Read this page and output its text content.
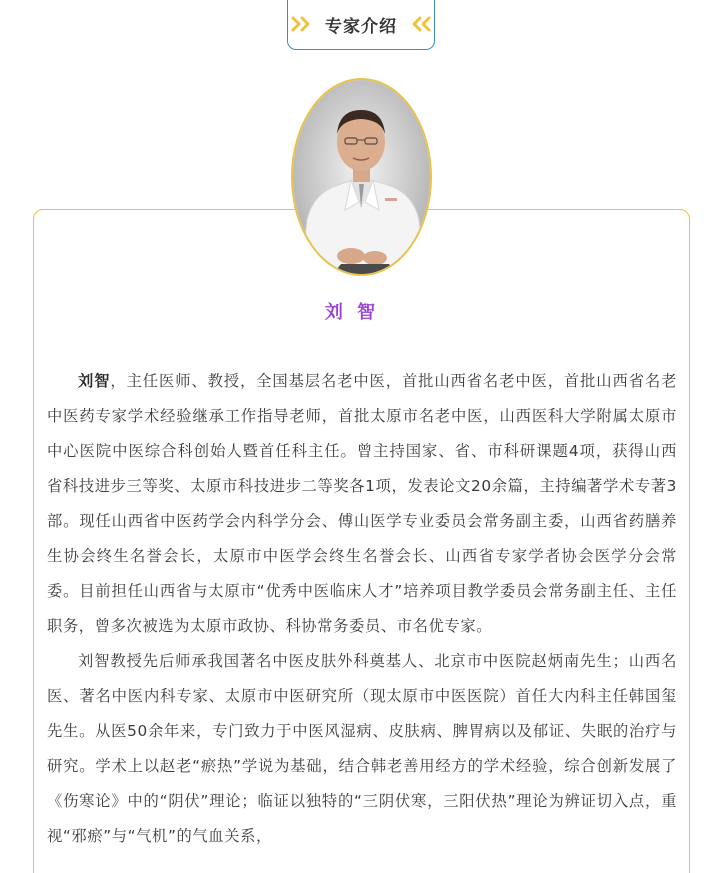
专家介绍
刘 智

刘智，主任医师、教授，全国基层名老中医，首批山西省名老中医，首批山西省名老中医药专家学术经验继承工作指导老师，首批太原市名老中医，山西医科大学附属太原市中心医院中医综合科创始人暨首任科主任。曾主持国家、省、市科研课题4项，获得山西省科技进步三等奖、太原市科技进步二等奖各1项，发表论文20余篇，主持编著学术专著3部。现任山西省中医药学会内科学分会、傅山医学专业委员会常务副主委，山西省药膳养生协会终生名誉会长，太原市中医学会终生名誉会长、山西省专家学者协会医学分会常委。目前担任山西省与太原市“优秀中医临床人才”培养项目教学委员会常务副主任、主任职务，曾多次被选为太原市政协、科协常务委员、市名优专家。

刘智教授先后师承我国著名中医皮肤外科奠基人、北京市中医院赵炳南先生；山西名医、著名中医内科专家、太原市中医研究所（现太原市中医医院）首任大内科主任韩国玺先生。从医50余年来，专门致力于中医风湿病、皮肤病、脾胃病以及郁证、失眠的治疗与研究。学术上以赵老“瘀热”学说为基础，结合韩老善用经方的学术经验，综合创新发展了《伤寒论》中的“阴伏”理论；临证以独特的“三阴伏寒，三阳伏热”理论为辨证切入点，重视“邪瘀”与“气机”的气血关系，
